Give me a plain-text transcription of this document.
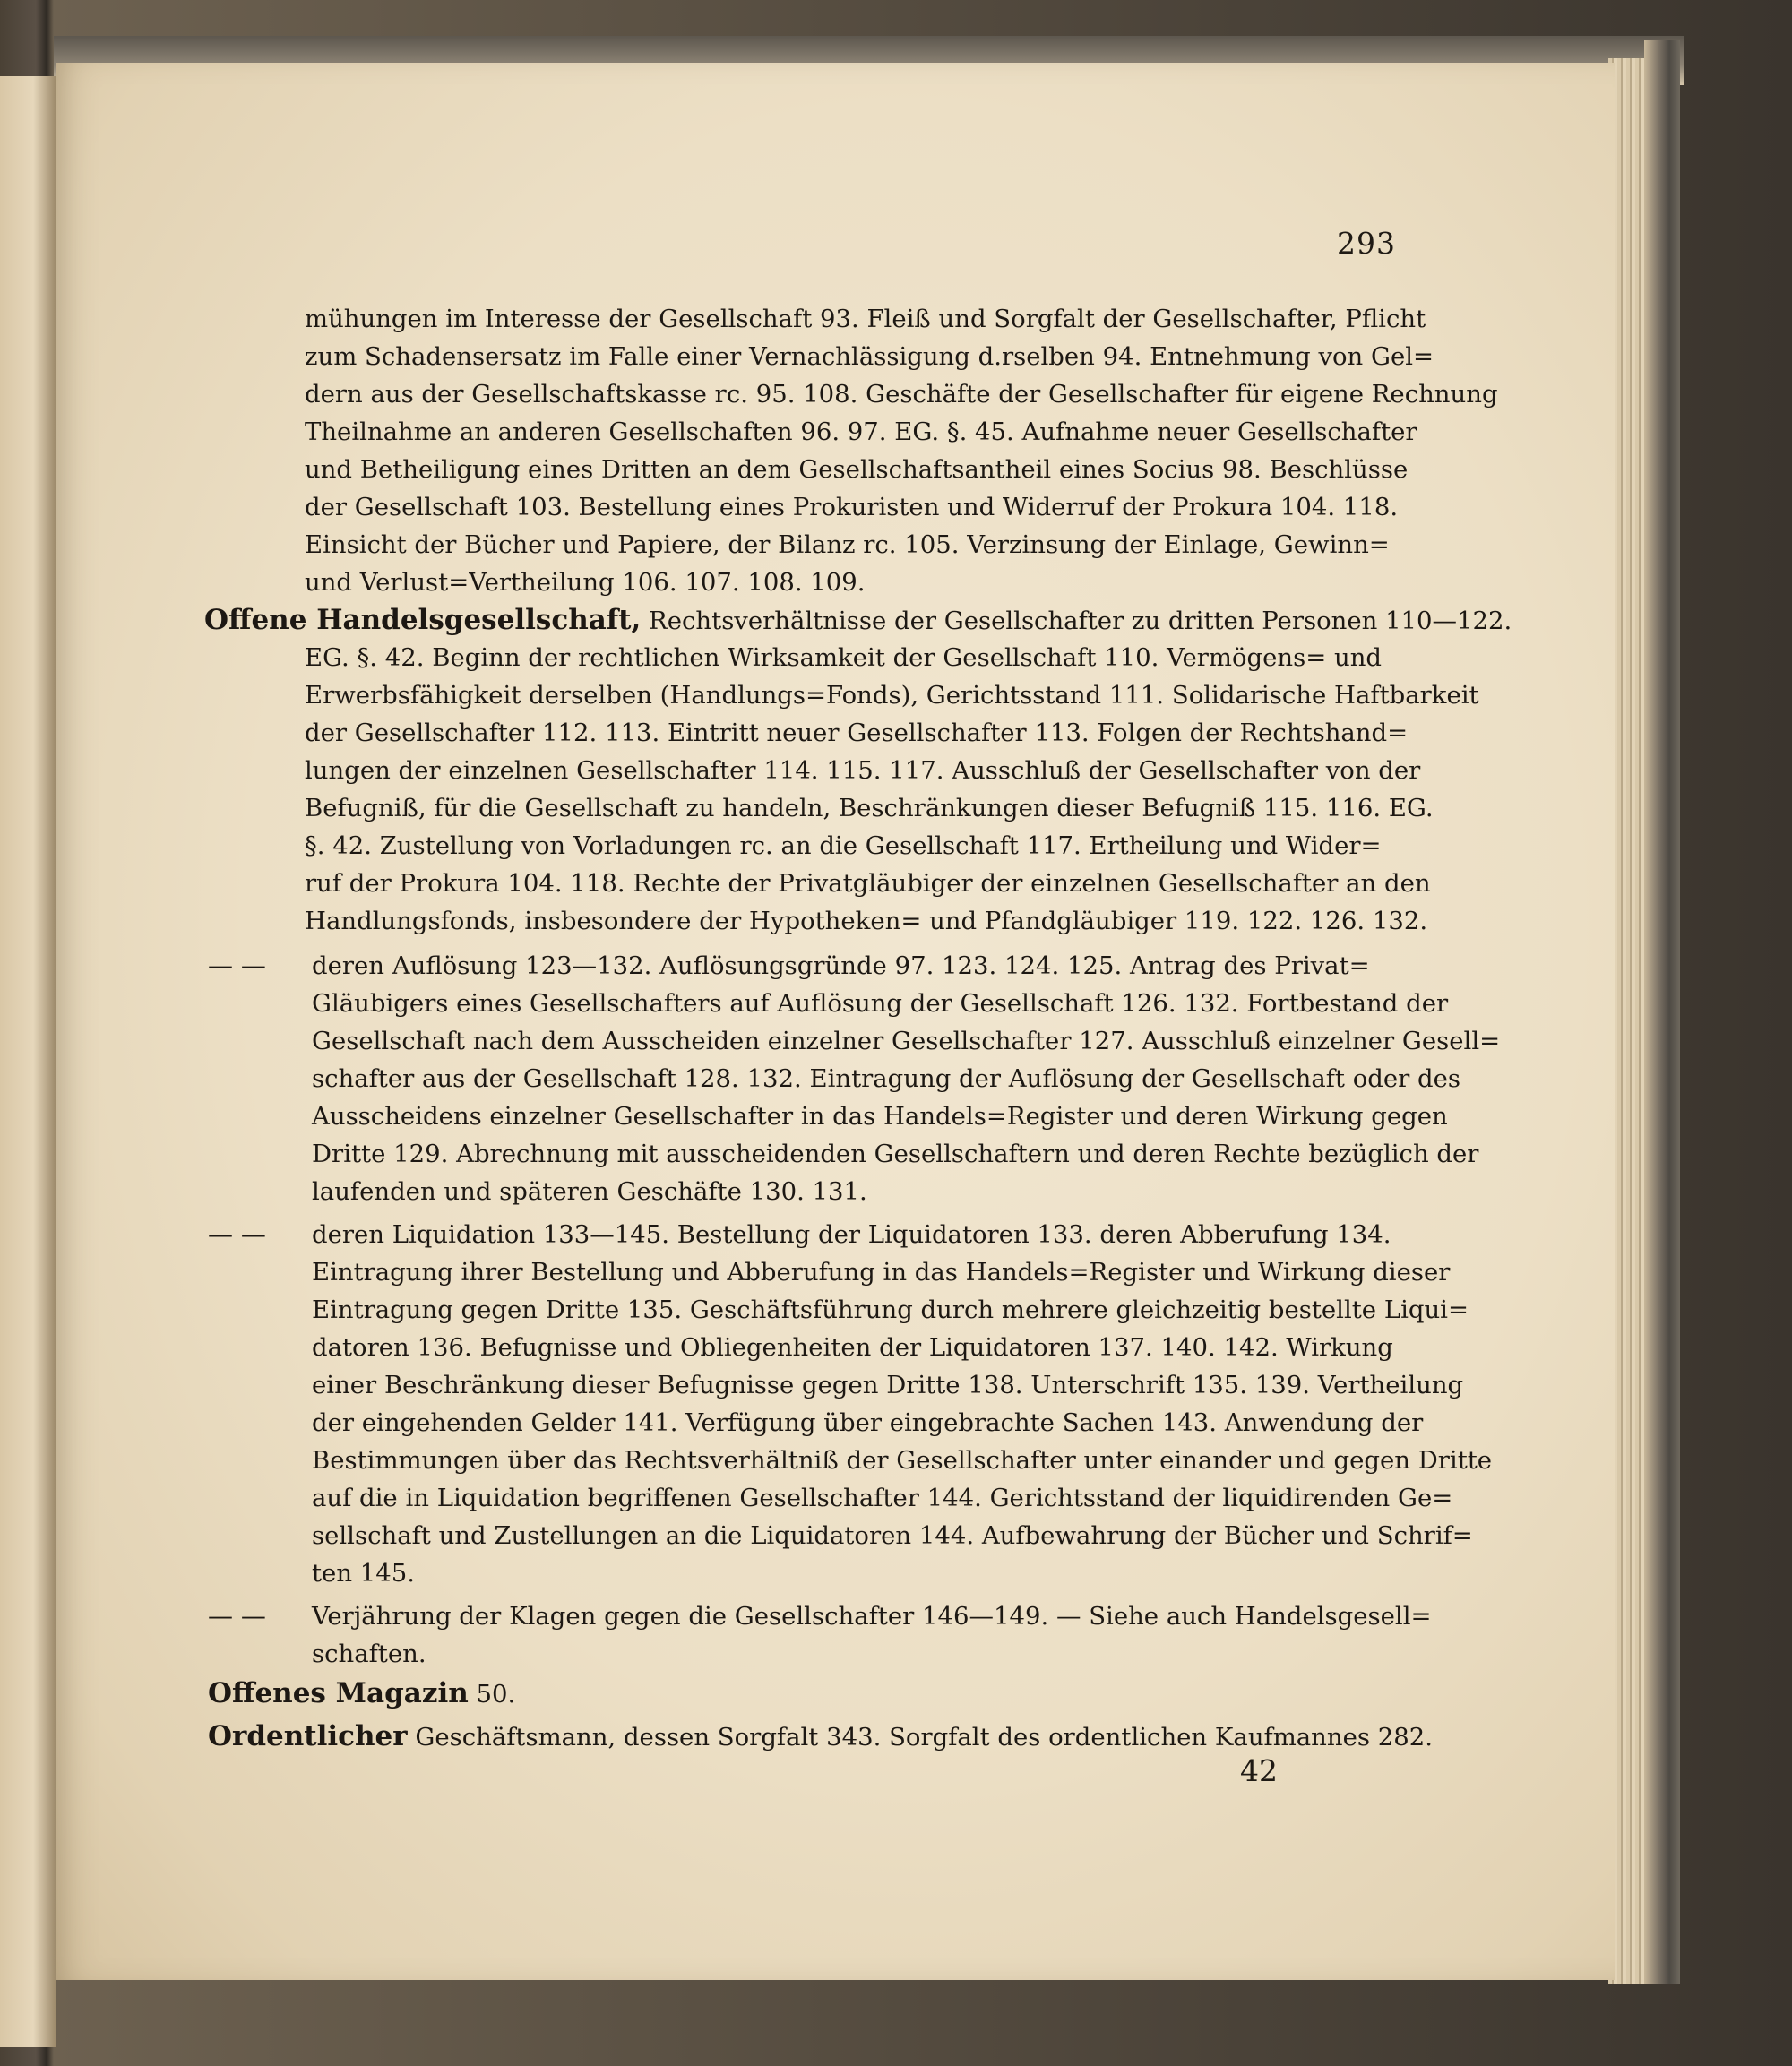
293
mühungen im Interesse der Gesellschaft 93. Fleiß und Sorgfalt der Gesellschafter, Pflicht
zum Schadensersatz im Falle einer Vernachlässigung d.rselben 94. Entnehmung von Gel=
dern aus der Gesellschaftskasse rc. 95. 108. Geschäfte der Gesellschafter für eigene Rechnung
Theilnahme an anderen Gesellschaften 96. 97. EG. §. 45. Aufnahme neuer Gesellschafter
und Betheiligung eines Dritten an dem Gesellschaftsantheil eines Socius 98. Beschlüsse
der Gesellschaft 103. Bestellung eines Prokuristen und Widerruf der Prokura 104. 118.
Einsicht der Bücher und Papiere, der Bilanz rc. 105. Verzinsung der Einlage, Gewinn=
und Verlust=Vertheilung 106. 107. 108. 109.
Offene Handelsgesellschaft, Rechtsverhältnisse der Gesellschafter zu dritten Personen 110—122.
EG. §. 42. Beginn der rechtlichen Wirksamkeit der Gesellschaft 110. Vermögens= und
Erwerbsfähigkeit derselben (Handlungs=Fonds), Gerichtsstand 111. Solidarische Haftbarkeit
der Gesellschafter 112. 113. Eintritt neuer Gesellschafter 113. Folgen der Rechtshand=
lungen der einzelnen Gesellschafter 114. 115. 117. Ausschluß der Gesellschafter von der
Befugniß, für die Gesellschaft zu handeln, Beschränkungen dieser Befugniß 115. 116. EG.
§. 42. Zustellung von Vorladungen rc. an die Gesellschaft 117. Ertheilung und Wider=
ruf der Prokura 104. 118. Rechte der Privatgläubiger der einzelnen Gesellschafter an den
Handlungsfonds, insbesondere der Hypotheken= und Pfandgläubiger 119. 122. 126. 132.
— — deren Auflösung 123—132. Auflösungsgründe 97. 123. 124. 125. Antrag des Privat=
Gläubigers eines Gesellschafters auf Auflösung der Gesellschaft 126. 132. Fortbestand der
Gesellschaft nach dem Ausscheiden einzelner Gesellschafter 127. Ausschluß einzelner Gesell=
schafter aus der Gesellschaft 128. 132. Eintragung der Auflösung der Gesellschaft oder des
Ausscheidens einzelner Gesellschafter in das Handels=Register und deren Wirkung gegen
Dritte 129. Abrechnung mit ausscheidenden Gesellschaftern und deren Rechte bezüglich der
laufenden und späteren Geschäfte 130. 131.
— — deren Liquidation 133—145. Bestellung der Liquidatoren 133. deren Abberufung 134.
Eintragung ihrer Bestellung und Abberufung in das Handels=Register und Wirkung dieser
Eintragung gegen Dritte 135. Geschäftsführung durch mehrere gleichzeitig bestellte Liqui=
datoren 136. Befugnisse und Obliegenheiten der Liquidatoren 137. 140. 142. Wirkung
einer Beschränkung dieser Befugnisse gegen Dritte 138. Unterschrift 135. 139. Vertheilung
der eingehenden Gelder 141. Verfügung über eingebrachte Sachen 143. Anwendung der
Bestimmungen über das Rechtsverhältniß der Gesellschafter unter einander und gegen Dritte
auf die in Liquidation begriffenen Gesellschafter 144. Gerichtsstand der liquidirenden Ge=
sellschaft und Zustellungen an die Liquidatoren 144. Aufbewahrung der Bücher und Schrif=
ten 145.
— — Verjährung der Klagen gegen die Gesellschafter 146—149. — Siehe auch Handelsgesell=
schaften.
Offenes Magazin 50.
Ordentlicher Geschäftsmann, dessen Sorgfalt 343. Sorgfalt des ordentlichen Kaufmannes 282.
42
